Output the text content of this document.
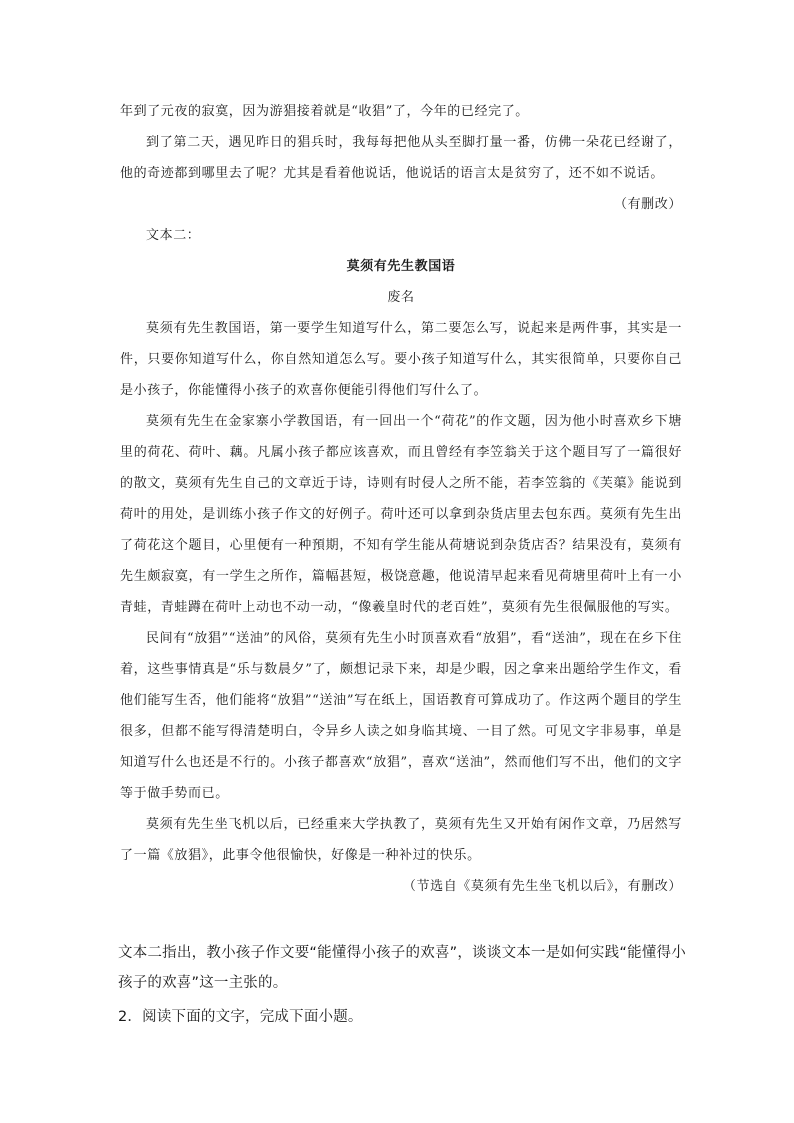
年到了元夜的寂寞，因为游猖接着就是“收猖”了，今年的已经完了。

到了第二天，遇见昨日的猖兵时，我每每把他从头至脚打量一番，仿佛一朵花已经谢了，他的奇迹都到哪里去了呢？尤其是看着他说话，他说话的语言太是贫穷了，还不如不说话。

（有删改）

文本二：

莫须有先生教国语

废名

莫须有先生教国语，第一要学生知道写什么，第二要怎么写，说起来是两件事，其实是一件，只要你知道写什么，你自然知道怎么写。要小孩子知道写什么，其实很简单，只要你自己是小孩子，你能懂得小孩子的欢喜你便能引得他们写什么了。

莫须有先生在金家寨小学教国语，有一回出一个“荷花”的作文题，因为他小时喜欢乡下塘里的荷花、荷叶、藕。凡属小孩子都应该喜欢，而且曾经有李笠翁关于这个题目写了一篇很好的散文，莫须有先生自己的文章近于诗，诗则有时侵人之所不能，若李笠翁的《芙蕖》能说到荷叶的用处，是训练小孩子作文的好例子。荷叶还可以拿到杂货店里去包东西。莫须有先生出了荷花这个题目，心里便有一种預期，不知有学生能从荷塘说到杂货店否？结果没有，莫须有先生颇寂寞，有一学生之所作，篇幅甚短，极饶意趣，他说清早起来看见荷塘里荷叶上有一小青蛙，青蛙蹲在荷叶上动也不动一动，“像羲皇时代的老百姓”，莫须有先生很佩服他的写实。

民间有“放猖”“送油”的风俗，莫须有先生小时顶喜欢看“放猖”，看“送油”，现在在乡下住着，这些事情真是“乐与数晨夕”了，颇想记录下来，却是少暇，因之拿来出题给学生作文，看他们能写生否，他们能将“放猖”“送油”写在纸上，国语教育可算成功了。作这两个题目的学生很多，但都不能写得清楚明白，令异乡人读之如身临其境、一目了然。可见文字非易事，单是知道写什么也还是不行的。小孩子都喜欢“放猖”，喜欢“送油”，然而他们写不出，他们的文字等于做手势而已。

莫须有先生坐飞机以后，已经重来大学执教了，莫须有先生又开始有闲作文章，乃居然写了一篇《放猖》，此事令他很愉快，好像是一种补过的快乐。

（节选自《莫须有先生坐飞机以后》，有删改）

文本二指出，教小孩子作文要“能懂得小孩子的欢喜”，谈谈文本一是如何实践“能懂得小孩子的欢喜”这一主张的。

2．阅读下面的文字，完成下面小题。
